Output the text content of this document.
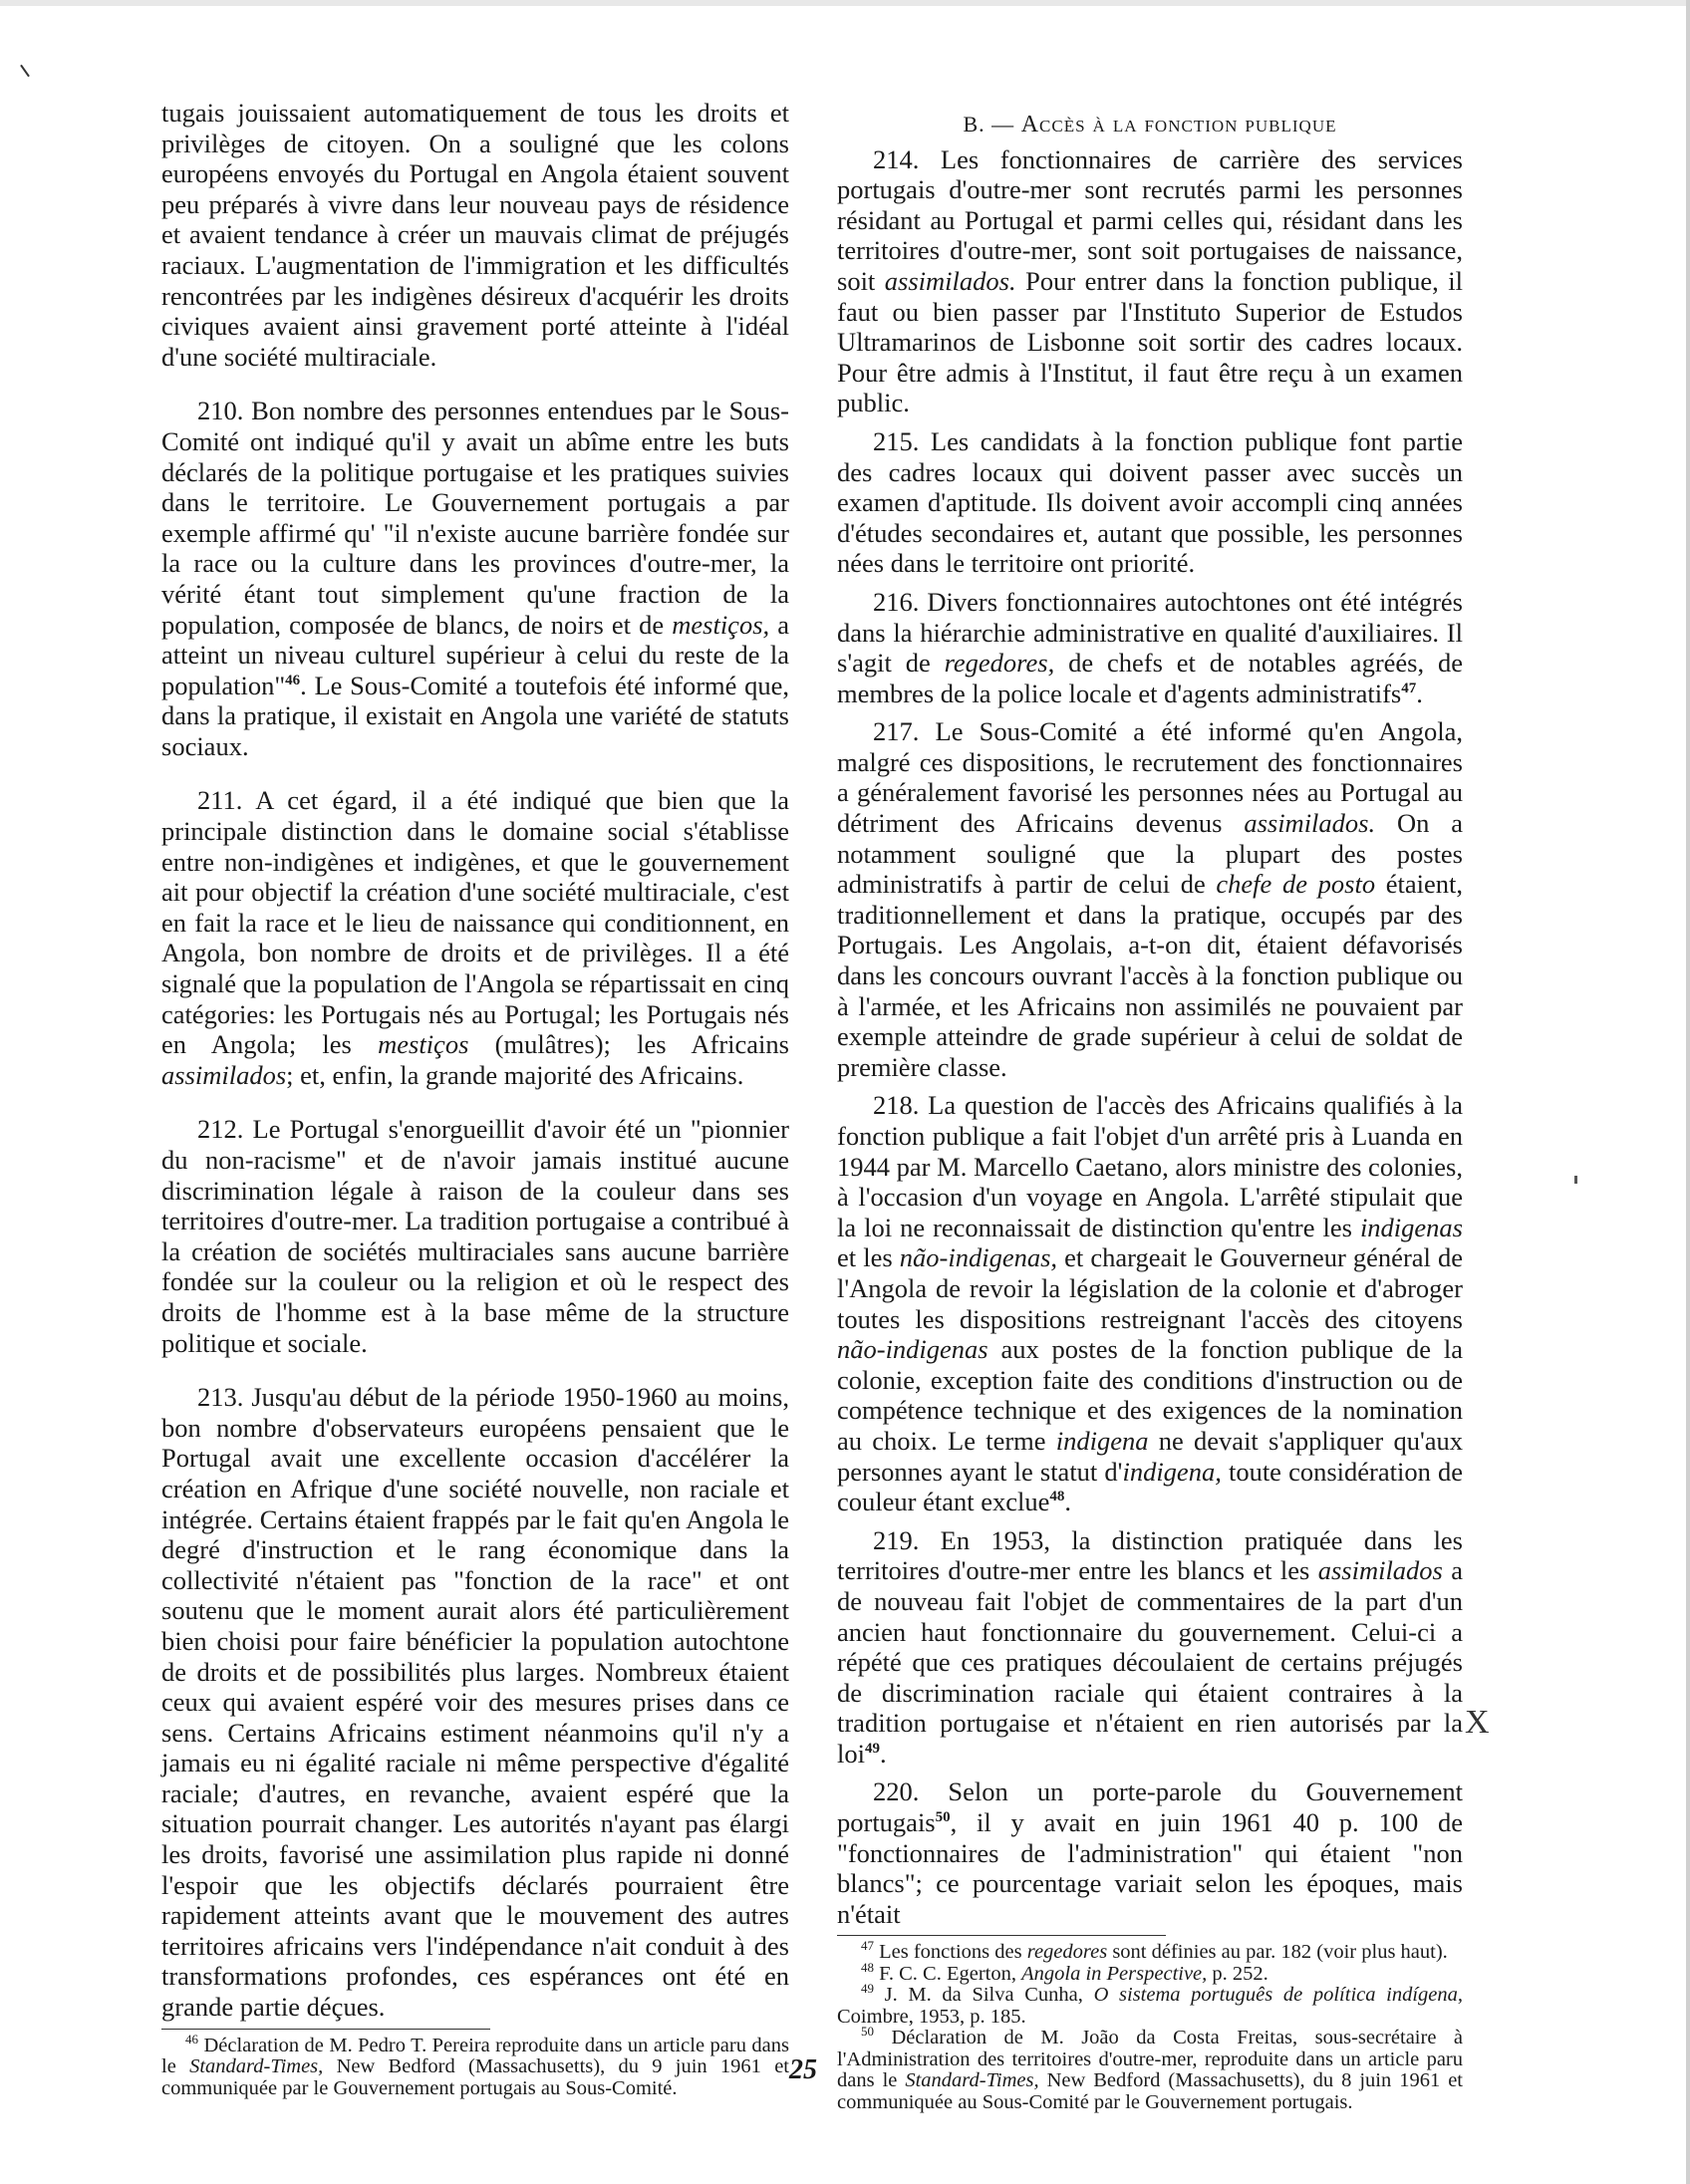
tugais jouissaient automatiquement de tous les droits et privilèges de citoyen. On a souligné que les colons européens envoyés du Portugal en Angola étaient souvent peu préparés à vivre dans leur nouveau pays de résidence et avaient tendance à créer un mauvais climat de préjugés raciaux. L'augmentation de l'immigration et les difficultés rencontrées par les indigènes désireux d'acquérir les droits civiques avaient ainsi gravement porté atteinte à l'idéal d'une société multiraciale.

210. Bon nombre des personnes entendues par le Sous-Comité ont indiqué qu'il y avait un abîme entre les buts déclarés de la politique portugaise et les pratiques suivies dans le territoire. Le Gouvernement portugais a par exemple affirmé qu' "il n'existe aucune barrière fondée sur la race ou la culture dans les provinces d'outre-mer, la vérité étant tout simplement qu'une fraction de la population, composée de blancs, de noirs et de mestiços, a atteint un niveau culturel supérieur à celui du reste de la population"$^{46}$. Le Sous-Comité a toutefois été informé que, dans la pratique, il existait en Angola une variété de statuts sociaux.

211. A cet égard, il a été indiqué que bien que la principale distinction dans le domaine social s'établisse entre non-indigènes et indigènes, et que le gouvernement ait pour objectif la création d'une société multiraciale, c'est en fait la race et le lieu de naissance qui conditionnent, en Angola, bon nombre de droits et de privilèges. Il a été signalé que la population de l'Angola se répartissait en cinq catégories: les Portugais nés au Portugal; les Portugais nés en Angola; les mestiços (mulâtres); les Africains assimilados; et, enfin, la grande majorité des Africains.

212. Le Portugal s'enorgueillit d'avoir été un "pionnier du non-racisme" et de n'avoir jamais institué aucune discrimination légale à raison de la couleur dans ses territoires d'outre-mer. La tradition portugaise a contribué à la création de sociétés multiraciales sans aucune barrière fondée sur la couleur ou la religion et où le respect des droits de l'homme est à la base même de la structure politique et sociale.

213. Jusqu'au début de la période 1950-1960 au moins, bon nombre d'observateurs européens pensaient que le Portugal avait une excellente occasion d'accélérer la création en Afrique d'une société nouvelle, non raciale et intégrée. Certains étaient frappés par le fait qu'en Angola le degré d'instruction et le rang économique dans la collectivité n'étaient pas "fonction de la race" et ont soutenu que le moment aurait alors été particulièrement bien choisi pour faire bénéficier la population autochtone de droits et de possibilités plus larges. Nombreux étaient ceux qui avaient espéré voir des mesures prises dans ce sens. Certains Africains estiment néanmoins qu'il n'y a jamais eu ni égalité raciale ni même perspective d'égalité raciale; d'autres, en revanche, avaient espéré que la situation pourrait changer. Les autorités n'ayant pas élargi les droits, favorisé une assimilation plus rapide ni donné l'espoir que les objectifs déclarés pourraient être rapidement atteints avant que le mouvement des autres territoires africains vers l'indépendance n'ait conduit à des transformations profondes, ces espérances ont été en grande partie déçues.

$^{46}$ Déclaration de M. Pedro T. Pereira reproduite dans un article paru dans le Standard-Times, New Bedford (Massachusetts), du 9 juin 1961 et communiquée par le Gouvernement portugais au Sous-Comité.

B. — Accès à la fonction publique

214. Les fonctionnaires de carrière des services portugais d'outre-mer sont recrutés parmi les personnes résidant au Portugal et parmi celles qui, résidant dans les territoires d'outre-mer, sont soit portugaises de naissance, soit assimilados. Pour entrer dans la fonction publique, il faut ou bien passer par l'Instituto Superior de Estudos Ultramarinos de Lisbonne soit sortir des cadres locaux. Pour être admis à l'Institut, il faut être reçu à un examen public.

215. Les candidats à la fonction publique font partie des cadres locaux qui doivent passer avec succès un examen d'aptitude. Ils doivent avoir accompli cinq années d'études secondaires et, autant que possible, les personnes nées dans le territoire ont priorité.

216. Divers fonctionnaires autochtones ont été intégrés dans la hiérarchie administrative en qualité d'auxiliaires. Il s'agit de regedores, de chefs et de notables agréés, de membres de la police locale et d'agents administratifs$^{47}$.

217. Le Sous-Comité a été informé qu'en Angola, malgré ces dispositions, le recrutement des fonctionnaires a généralement favorisé les personnes nées au Portugal au détriment des Africains devenus assimilados. On a notamment souligné que la plupart des postes administratifs à partir de celui de chefe de posto étaient, traditionnellement et dans la pratique, occupés par des Portugais. Les Angolais, a-t-on dit, étaient défavorisés dans les concours ouvrant l'accès à la fonction publique ou à l'armée, et les Africains non assimilés ne pouvaient par exemple atteindre de grade supérieur à celui de soldat de première classe.

218. La question de l'accès des Africains qualifiés à la fonction publique a fait l'objet d'un arrêté pris à Luanda en 1944 par M. Marcello Caetano, alors ministre des colonies, à l'occasion d'un voyage en Angola. L'arrêté stipulait que la loi ne reconnaissait de distinction qu'entre les indigenas et les não-indigenas, et chargeait le Gouverneur général de l'Angola de revoir la législation de la colonie et d'abroger toutes les dispositions restreignant l'accès des citoyens não-indigenas aux postes de la fonction publique de la colonie, exception faite des conditions d'instruction ou de compétence technique et des exigences de la nomination au choix. Le terme indigena ne devait s'appliquer qu'aux personnes ayant le statut d'indigena, toute considération de couleur étant exclue$^{48}$.

219. En 1953, la distinction pratiquée dans les territoires d'outre-mer entre les blancs et les assimilados a de nouveau fait l'objet de commentaires de la part d'un ancien haut fonctionnaire du gouvernement. Celui-ci a répété que ces pratiques découlaient de certains préjugés de discrimination raciale qui étaient contraires à la tradition portugaise et n'étaient en rien autorisés par la loi$^{49}$.

220. Selon un porte-parole du Gouvernement portugais$^{50}$, il y avait en juin 1961 40 p. 100 de "fonctionnaires de l'administration" qui étaient "non blancs"; ce pourcentage variait selon les époques, mais n'était

$^{47}$ Les fonctions des regedores sont définies au par. 182 (voir plus haut).

$^{48}$ F. C. C. Egerton, Angola in Perspective, p. 252.

$^{49}$ J. M. da Silva Cunha, O sistema português de política indígena, Coimbre, 1953, p. 185.

$^{50}$ Déclaration de M. João da Costa Freitas, sous-secrétaire à l'Administration des territoires d'outre-mer, reproduite dans un article paru dans le Standard-Times, New Bedford (Massachusetts), du 8 juin 1961 et communiquée au Sous-Comité par le Gouvernement portugais.

X
25
